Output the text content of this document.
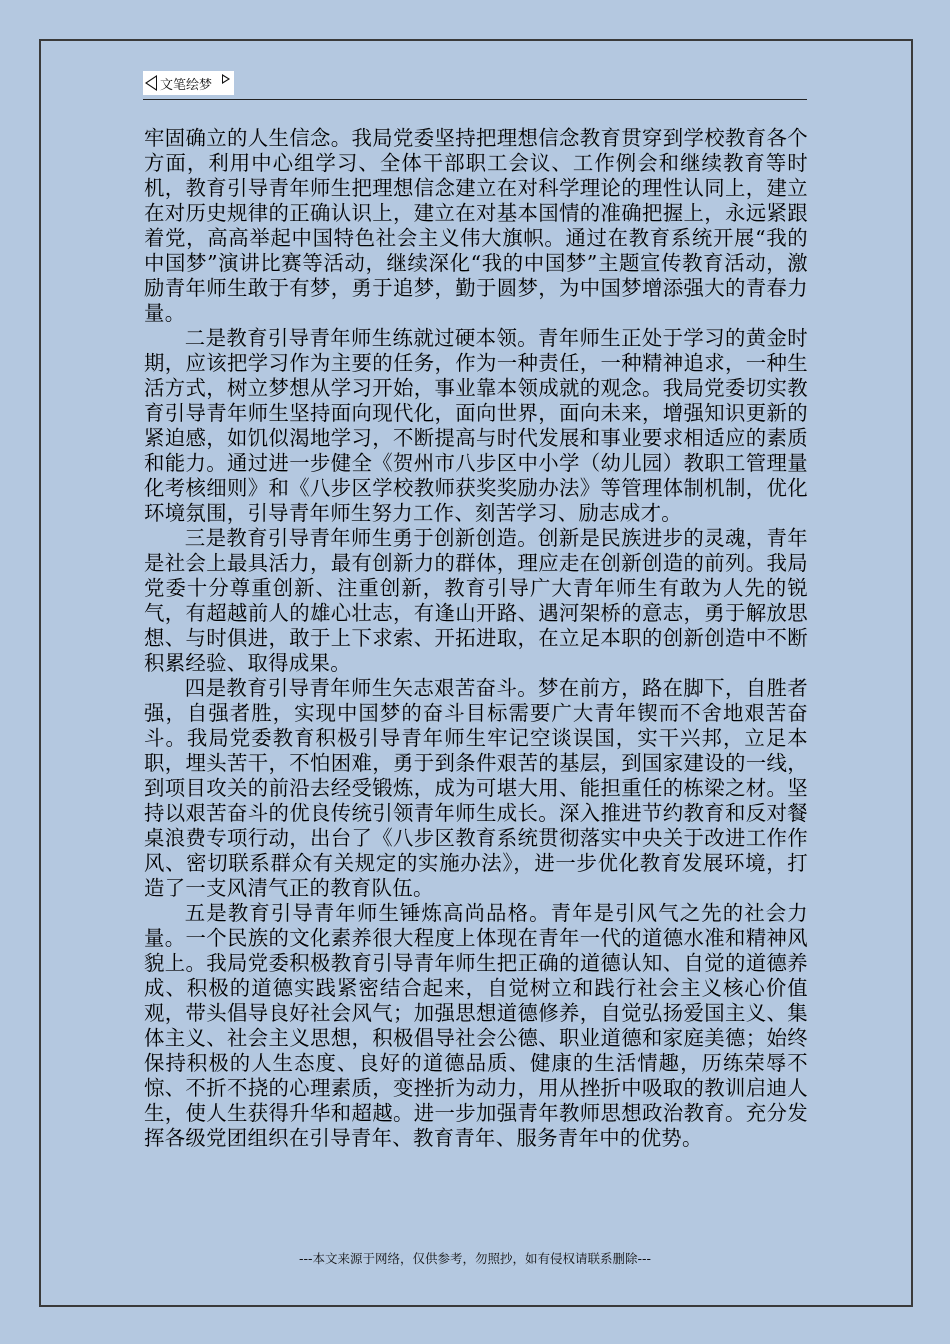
文笔绘梦

牢固确立的人生信念。我局党委坚持把理想信念教育贯穿到学校教育各个方面，利用中心组学习、全体干部职工会议、工作例会和继续教育等时机，教育引导青年师生把理想信念建立在对科学理论的理性认同上，建立在对历史规律的正确认识上，建立在对基本国情的准确把握上，永远紧跟着党，高高举起中国特色社会主义伟大旗帜。通过在教育系统开展“我的中国梦”演讲比赛等活动，继续深化“我的中国梦”主题宣传教育活动，激励青年师生敢于有梦，勇于追梦，勤于圆梦，为中国梦增添强大的青春力量。

二是教育引导青年师生练就过硬本领。青年师生正处于学习的黄金时期，应该把学习作为主要的任务，作为一种责任，一种精神追求，一种生活方式，树立梦想从学习开始，事业靠本领成就的观念。我局党委切实教育引导青年师生坚持面向现代化，面向世界，面向未来，增强知识更新的紧迫感，如饥似渴地学习，不断提高与时代发展和事业要求相适应的素质和能力。通过进一步健全《贺州市八步区中小学（幼儿园）教职工管理量化考核细则》和《八步区学校教师获奖奖励办法》等管理体制机制，优化环境氛围，引导青年师生努力工作、刻苦学习、励志成才。

三是教育引导青年师生勇于创新创造。创新是民族进步的灵魂，青年是社会上最具活力，最有创新力的群体，理应走在创新创造的前列。我局党委十分尊重创新、注重创新，教育引导广大青年师生有敢为人先的锐气，有超越前人的雄心壮志，有逢山开路、遇河架桥的意志，勇于解放思想、与时俱进，敢于上下求索、开拓进取，在立足本职的创新创造中不断积累经验、取得成果。

四是教育引导青年师生矢志艰苦奋斗。梦在前方，路在脚下，自胜者强，自强者胜，实现中国梦的奋斗目标需要广大青年锲而不舍地艰苦奋斗。我局党委教育积极引导青年师生牢记空谈误国，实干兴邦，立足本职，埋头苦干，不怕困难，勇于到条件艰苦的基层，到国家建设的一线，到项目攻关的前沿去经受锻炼，成为可堪大用、能担重任的栋梁之材。坚持以艰苦奋斗的优良传统引领青年师生成长。深入推进节约教育和反对餐桌浪费专项行动，出台了《八步区教育系统贯彻落实中央关于改进工作作风、密切联系群众有关规定的实施办法》，进一步优化教育发展环境，打造了一支风清气正的教育队伍。

五是教育引导青年师生锤炼高尚品格。青年是引风气之先的社会力量。一个民族的文化素养很大程度上体现在青年一代的道德水准和精神风貌上。我局党委积极教育引导青年师生把正确的道德认知、自觉的道德养成、积极的道德实践紧密结合起来，自觉树立和践行社会主义核心价值观，带头倡导良好社会风气；加强思想道德修养，自觉弘扬爱国主义、集体主义、社会主义思想，积极倡导社会公德、职业道德和家庭美德；始终保持积极的人生态度、良好的道德品质、健康的生活情趣，历练荣辱不惊、不折不挠的心理素质，变挫折为动力，用从挫折中吸取的教训启迪人生，使人生获得升华和超越。进一步加强青年教师思想政治教育。充分发挥各级党团组织在引导青年、教育青年、服务青年中的优势。

---本文来源于网络，仅供参考，勿照抄，如有侵权请联系删除---
